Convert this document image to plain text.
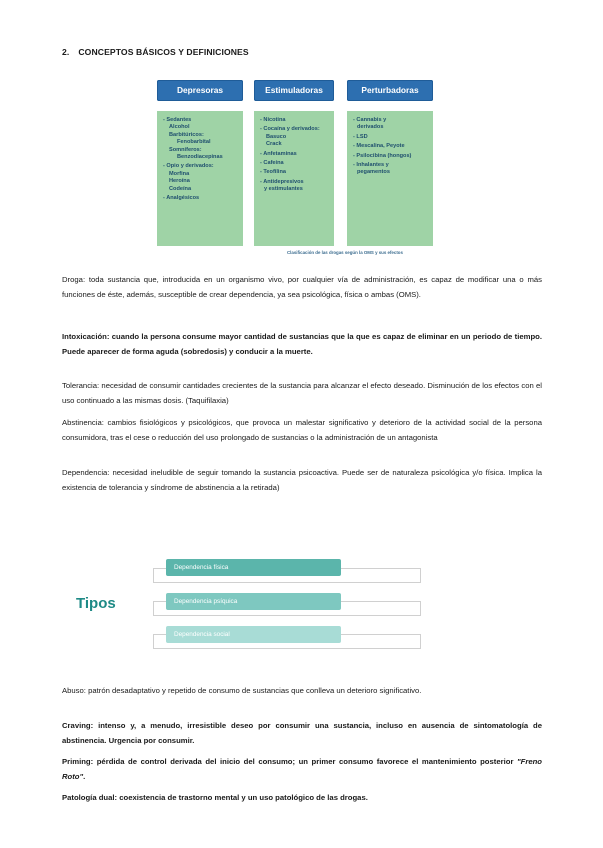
2. CONCEPTOS BÁSICOS Y DEFINICIONES
Depresoras	Estimuladoras	Perturbadoras
- Sedantes
Alcohol
Barbitúricos:
Fenobarbital
Somníferos:
Benzodiacepinas
- Opio y derivados:
Morfina
Heroína
Codeína
- Analgésicos
- Nicotina
- Cocaína y derivados:
Basuco
Crack
- Anfetaminas
- Cafeína
- Teofilina
- Antidepresivos
y estimulantes
- Cannabis y
derivados
- LSD
- Mescalina, Peyote
- Psilocibina (hongos)
- Inhalantes y
pegamentos
Clasificación de las drogas según la OMS y sus efectos
Droga: toda sustancia que, introducida en un organismo vivo, por cualquier vía de administración, es capaz de modificar una o más funciones de éste, además, susceptible de crear dependencia, ya sea psicológica, física o ambas (OMS).
Intoxicación: cuando la persona consume mayor cantidad de sustancias que la que es capaz de eliminar en un periodo de tiempo. Puede aparecer de forma aguda (sobredosis) y conducir a la muerte.
Tolerancia: necesidad de consumir cantidades crecientes de la sustancia para alcanzar el efecto deseado. Disminución de los efectos con el uso continuado a las mismas dosis. (Taquifilaxia)
Abstinencia: cambios fisiológicos y psicológicos, que provoca un malestar significativo y deterioro de la actividad social de la persona consumidora, tras el cese o reducción del uso prolongado de sustancias o la administración de un antagonista
Dependencia: necesidad ineludible de seguir tomando la sustancia psicoactiva. Puede ser de naturaleza psicológica y/o física. Implica la existencia de tolerancia y síndrome de abstinencia a la retirada)
Tipos
Dependencia física
Dependencia psíquica
Dependencia social
Abuso: patrón desadaptativo y repetido de consumo de sustancias que conlleva un deterioro significativo.
Craving: intenso y, a menudo, irresistible deseo por consumir una sustancia, incluso en ausencia de sintomatología de abstinencia. Urgencia por consumir.
Priming: pérdida de control derivada del inicio del consumo; un primer consumo favorece el mantenimiento posterior "Freno Roto".
Patología dual: coexistencia de trastorno mental y un uso patológico de las drogas.
